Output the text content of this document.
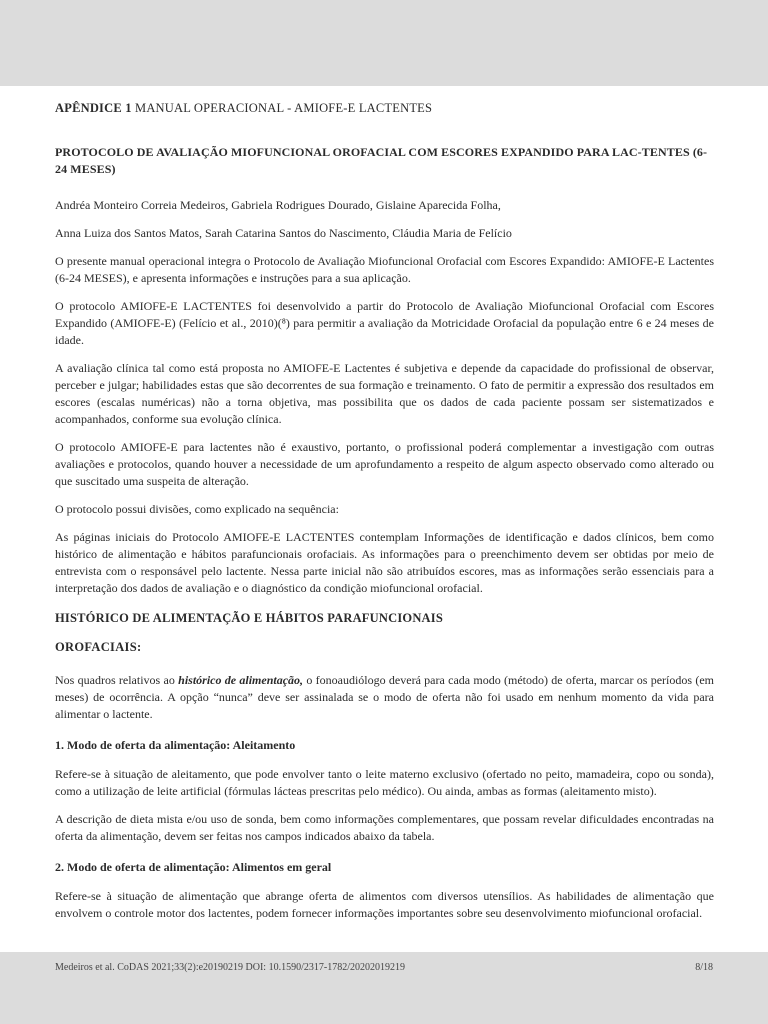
APÊNDICE 1 MANUAL OPERACIONAL - AMIOFE-E LACTENTES
PROTOCOLO DE AVALIAÇÃO MIOFUNCIONAL OROFACIAL COM ESCORES EXPANDIDO PARA LAC-TENTES (6-24 MESES)

Andréa Monteiro Correia Medeiros, Gabriela Rodrigues Dourado, Gislaine Aparecida Folha,

Anna Luiza dos Santos Matos, Sarah Catarina Santos do Nascimento, Cláudia Maria de Felício

O presente manual operacional integra o Protocolo de Avaliação Miofuncional Orofacial com Escores Expandido: AMIOFE-E Lactentes (6-24 MESES), e apresenta informações e instruções para a sua aplicação.

O protocolo AMIOFE-E LACTENTES foi desenvolvido a partir do Protocolo de Avaliação Miofuncional Orofacial com Escores Expandido (AMIOFE-E) (Felício et al., 2010)(⁸) para permitir a avaliação da Motricidade Orofacial da população entre 6 e 24 meses de idade.

A avaliação clínica tal como está proposta no AMIOFE-E Lactentes é subjetiva e depende da capacidade do profissional de observar, perceber e julgar; habilidades estas que são decorrentes de sua formação e treinamento. O fato de permitir a expressão dos resultados em escores (escalas numéricas) não a torna objetiva, mas possibilita que os dados de cada paciente possam ser sistematizados e acompanhados, conforme sua evolução clínica.

O protocolo AMIOFE-E para lactentes não é exaustivo, portanto, o profissional poderá complementar a investigação com outras avaliações e protocolos, quando houver a necessidade de um aprofundamento a respeito de algum aspecto observado como alterado ou que suscitado uma suspeita de alteração.

O protocolo possui divisões, como explicado na sequência:

As páginas iniciais do Protocolo AMIOFE-E LACTENTES contemplam Informações de identificação e dados clínicos, bem como histórico de alimentação e hábitos parafuncionais orofaciais. As informações para o preenchimento devem ser obtidas por meio de entrevista com o responsável pelo lactente. Nessa parte inicial não são atribuídos escores, mas as informações serão essenciais para a interpretação dos dados de avaliação e o diagnóstico da condição miofuncional orofacial.

HISTÓRICO DE ALIMENTAÇÃO E HÁBITOS PARAFUNCIONAIS
OROFACIAIS:

Nos quadros relativos ao histórico de alimentação, o fonoaudiólogo deverá para cada modo (método) de oferta, marcar os períodos (em meses) de ocorrência. A opção “nunca” deve ser assinalada se o modo de oferta não foi usado em nenhum momento da vida para alimentar o lactente.

1. Modo de oferta da alimentação: Aleitamento

Refere-se à situação de aleitamento, que pode envolver tanto o leite materno exclusivo (ofertado no peito, mamadeira, copo ou sonda), como a utilização de leite artificial (fórmulas lácteas prescritas pelo médico). Ou ainda, ambas as formas (aleitamento misto).

A descrição de dieta mista e/ou uso de sonda, bem como informações complementares, que possam revelar dificuldades encontradas na oferta da alimentação, devem ser feitas nos campos indicados abaixo da tabela.

2. Modo de oferta de alimentação: Alimentos em geral

Refere-se à situação de alimentação que abrange oferta de alimentos com diversos utensílios. As habilidades de alimentação que envolvem o controle motor dos lactentes, podem fornecer informações importantes sobre seu desenvolvimento miofuncional orofacial.

Medeiros et al. CoDAS 2021;33(2):e20190219 DOI: 10.1590/2317-1782/20202019219	8/18
